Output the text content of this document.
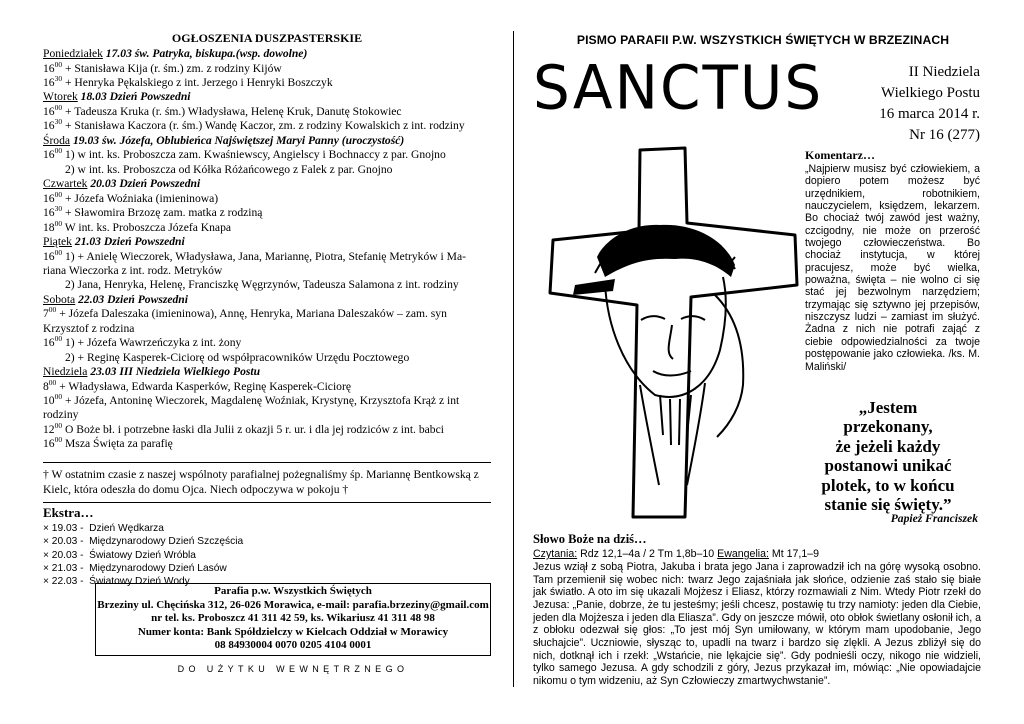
OGŁOSZENIA DUSZPASTERSKIE
Poniedziałek 17.03 św. Patryka, biskupa.(wsp. dowolne)
$16^{00}$ + Stanisława Kija (r. śm.) zm. z rodziny Kijów
$16^{30}$ + Henryka Pękalskiego z int. Jerzego i Henryki Boszczyk
Wtorek 18.03 Dzień Powszedni
$16^{00}$ + Tadeusza Kruka (r. śm.) Władysława, Helenę Kruk, Danutę Stokowiec
$16^{30}$ + Stanisława Kaczora (r. śm.) Wandę Kaczor, zm. z rodziny Kowalskich z int. rodziny
Środa 19.03 św. Józefa, Oblubieńca Najświętszej Maryi Panny (uroczystość)
$16^{00}$ 1) w int. ks. Proboszcza zam. Kwaśniewscy, Angielscy i Bochnaccy z par. Gnojno
2) w int. ks. Proboszcza od Kółka Różańcowego z Falek z par. Gnojno
Czwartek 20.03 Dzień Powszedni
$16^{00}$ + Józefa Woźniaka (imieninowa)
$16^{30}$ + Sławomira Brzozę zam. matka z rodziną
$18^{00}$ W int. ks. Proboszcza Józefa Knapa
Piątek 21.03 Dzień Powszedni
$16^{00}$ 1) + Anielę Wieczorek, Władysława, Jana, Mariannę, Piotra, Stefanię Metryków i Ma-
riana Wieczorka z int. rodz. Metryków
2) Jana, Henryka, Helenę, Franciszkę Węgrzynów, Tadeusza Salamona z int. rodziny
Sobota 22.03 Dzień Powszedni
$7^{00}$ + Józefa Daleszaka (imieninowa), Annę, Henryka, Mariana Daleszaków – zam. syn
Krzysztof z rodzina
$16^{00}$ 1) + Józefa Wawrzeńczyka z int. żony
2) + Reginę Kasperek-Ciciorę od współpracowników Urzędu Pocztowego
Niedziela 23.03 III Niedziela Wielkiego Postu
$8^{00}$ + Władysława, Edwarda Kasperków, Reginę Kasperek-Ciciorę
$10^{00}$ + Józefa, Antoninę Wieczorek, Magdalenę Woźniak, Krystynę, Krzysztofa Krąż z int
rodziny
$12^{00}$ O Boże bł. i potrzebne łaski dla Julii z okazji 5 r. ur. i dla jej rodziców z int. babci
$16^{00}$ Msza Święta za parafię
† W ostatnim czasie z naszej wspólnoty parafialnej pożegnaliśmy śp. Mariannę Bentkowską z Kielc, która odeszła do domu Ojca. Niech odpoczywa w pokoju †
Ekstra…
× 19.03 -  Dzień Wędkarza
× 20.03 -  Międzynarodowy Dzień Szczęścia
× 20.03 -  Światowy Dzień Wróbla
× 21.03 -  Międzynarodowy Dzień Lasów
× 22.03 -  Światowy Dzień Wody
Parafia p.w. Wszystkich Świętych
Brzeziny ul. Chęcińska 312, 26-026 Morawica, e-mail: parafia.brzeziny@gmail.com
nr tel. ks. Proboszcz 41 311 42 59, ks. Wikariusz 41 311 48 98
Numer konta: Bank Spółdzielczy w Kielcach Oddział w Morawicy
08 84930004 0070 0205 4104 0001
DO UŻYTKU WEWNĘTRZNEGO
PISMO PARAFII P.W. WSZYSTKICH ŚWIĘTYCH W BRZEZINACH
SANCTUS	II Niedziela
Wielkiego Postu
16 marca 2014 r.
Nr 16 (277)
Komentarz…
„Najpierw musisz być człowiekiem, a dopiero potem możesz być urzędnikiem, robotnikiem, nauczycielem, księdzem, lekarzem. Bo chociaż twój zawód jest ważny, czcigodny, nie może on przerość twojego człowieczeństwa. Bo chociaż instytucja, w której pracujesz, może być wielka, poważna, święta – nie wolno ci się stać jej bezwolnym narzędziem; trzymając się sztywno jej przepisów, niszczysz ludzi – zamiast im służyć. Żadna z nich nie potrafi zająć z ciebie odpowiedzialności za twoje postępowanie jako człowieka. /ks. M. Maliński/
„Jestem
przekonany,
że jeżeli każdy
postanowi unikać
plotek, to w końcu
stanie się święty.”
Papież Franciszek
Słowo Boże na dziś…
Czytania: Rdz 12,1–4a / 2 Tm 1,8b–10 Ewangelia: Mt 17,1–9
Jezus wziął z sobą Piotra, Jakuba i brata jego Jana i zaprowadził ich na górę wysoką osobno. Tam przemienił się wobec nich: twarz Jego zajaśniała jak słońce, odzienie zaś stało się białe jak światło. A oto im się ukazali Mojżesz i Eliasz, którzy rozmawiali z Nim. Wtedy Piotr rzekł do Jezusa: „Panie, dobrze, że tu jesteśmy; jeśli chcesz, postawię tu trzy namioty: jeden dla Ciebie, jeden dla Mojżesza i jeden dla Eliasza”. Gdy on jeszcze mówił, oto obłok świetlany osłonił ich, a z obłoku odezwał się głos: „To jest mój Syn umiłowany, w którym mam upodobanie, Jego słuchajcie”. Uczniowie, słysząc to, upadli na twarz i bardzo się zlękli. A Jezus zbliżył się do nich, dotknął ich i rzekł: „Wstańcie, nie lękajcie się”. Gdy podnieśli oczy, nikogo nie widzieli, tylko samego Jezusa. A gdy schodzili z góry, Jezus przykazał im, mówiąc: „Nie opowiadajcie nikomu o tym widzeniu, aż Syn Człowieczy zmartwychwstanie”.
